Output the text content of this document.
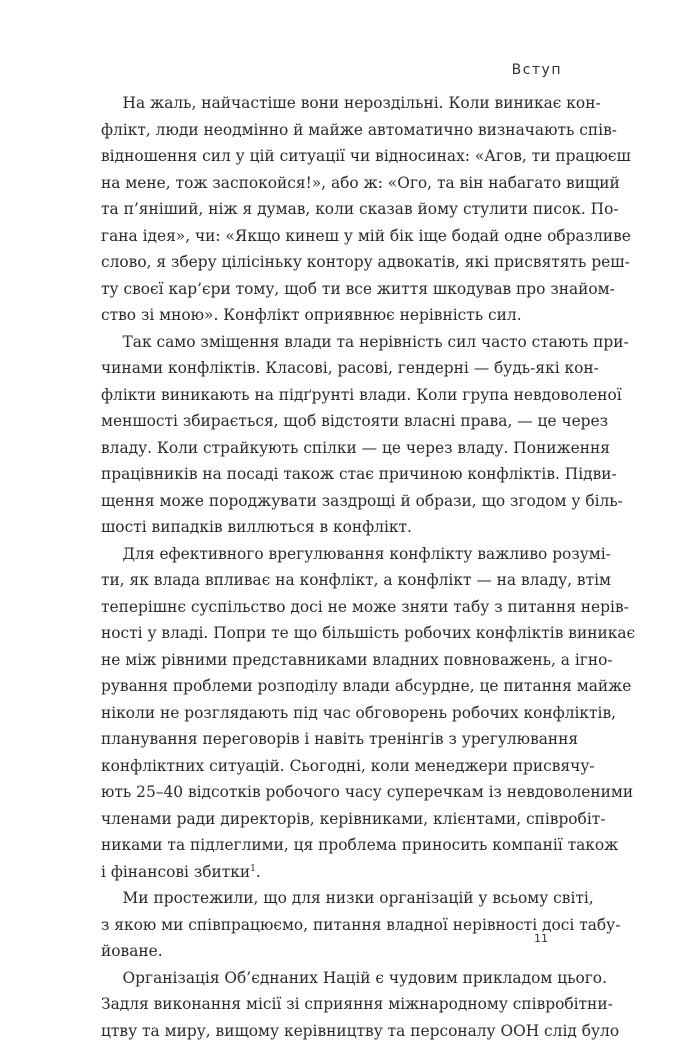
Вступ
На жаль, найчастіше вони нероздільні. Коли виникає кон-
флікт, люди неодмінно й майже автоматично визначають спів-
відношення сил у цій ситуації чи відносинах: «Агов, ти працюєш
на мене, тож заспокойся!», або ж: «Ого, та він набагато вищий
та п’яніший, ніж я думав, коли сказав йому стулити писок. По-
гана ідея», чи: «Якщо кинеш у мій бік іще бодай одне образливе
слово, я зберу цілісіньку контору адвокатів, які присвятять реш-
ту своєї кар’єри тому, щоб ти все життя шкодував про знайом-
ство зі мною». Конфлікт оприявнює нерівність сил.
Так само зміщення влади та нерівність сил часто стають при-
чинами конфліктів. Класові, расові, гендерні — будь-які кон-
флікти виникають на підґрунті влади. Коли група невдоволеної
меншості збирається, щоб відстояти власні права, — це через
владу. Коли страйкують спілки — це через владу. Пониження
працівників на посаді також стає причиною конфліктів. Підви-
щення може породжувати заздрощі й образи, що згодом у біль-
шості випадків виллються в конфлікт.
Для ефективного врегулювання конфлікту важливо розумі-
ти, як влада впливає на конфлікт, а конфлікт — на владу, втім
теперішнє суспільство досі не може зняти табу з питання нерів-
ності у владі. Попри те що більшість робочих конфліктів виникає
не між рівними представниками владних повноважень, а ігно-
рування проблеми розподілу влади абсурдне, це питання майже
ніколи не розглядають під час обговорень робочих конфліктів,
планування переговорів і навіть тренінгів з урегулювання
конфліктних ситуацій. Сьогодні, коли менеджери присвячу-
ють 25–40 відсотків робочого часу суперечкам із невдоволеними
членами ради директорів, керівниками, клієнтами, співробіт-
никами та підлеглими, ця проблема приносить компанії також
і фінансові збитки$^1$.
Ми простежили, що для низки організацій у всьому світі,
з якою ми співпрацюємо, питання владної нерівності досі табу-
йоване.
Організація Об’єднаних Націй є чудовим прикладом цього.
Задля виконання місії зі сприяння міжнародному співробітни-
цтву та миру, вищому керівництву та персоналу ООН слід було
11
